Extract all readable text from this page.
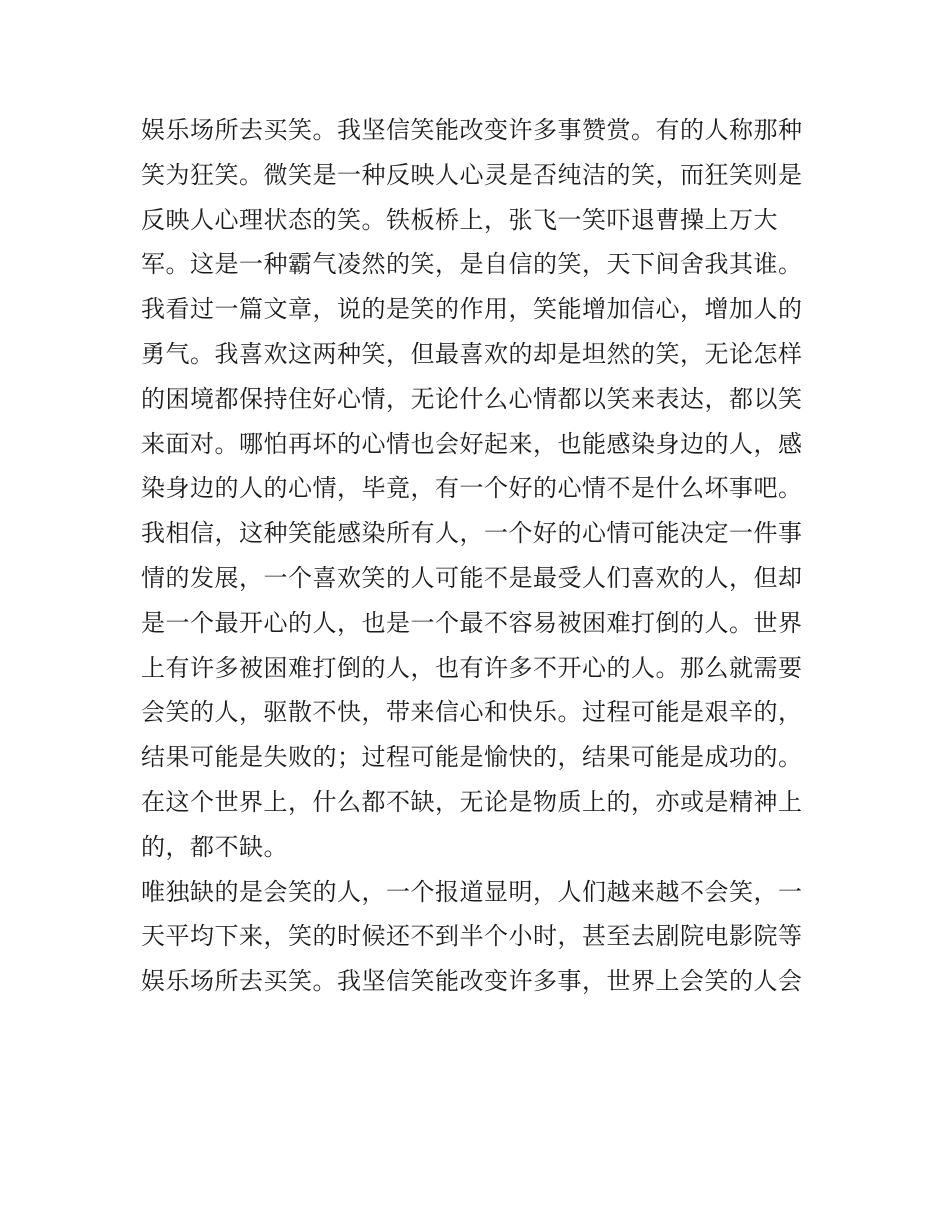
娱乐场所去买笑。我坚信笑能改变许多事赞赏。有的人称那种
笑为狂笑。微笑是一种反映人心灵是否纯洁的笑，而狂笑则是
反映人心理状态的笑。铁板桥上，张飞一笑吓退曹操上万大
军。这是一种霸气凌然的笑，是自信的笑，天下间舍我其谁。
我看过一篇文章，说的是笑的作用，笑能增加信心，增加人的
勇气。我喜欢这两种笑，但最喜欢的却是坦然的笑，无论怎样
的困境都保持住好心情，无论什么心情都以笑来表达，都以笑
来面对。哪怕再坏的心情也会好起来，也能感染身边的人，感
染身边的人的心情，毕竟，有一个好的心情不是什么坏事吧。
我相信，这种笑能感染所有人，一个好的心情可能决定一件事
情的发展，一个喜欢笑的人可能不是最受人们喜欢的人，但却
是一个最开心的人，也是一个最不容易被困难打倒的人。世界
上有许多被困难打倒的人，也有许多不开心的人。那么就需要
会笑的人，驱散不快，带来信心和快乐。过程可能是艰辛的，
结果可能是失败的；过程可能是愉快的，结果可能是成功的。
在这个世界上，什么都不缺，无论是物质上的，亦或是精神上
的，都不缺。
唯独缺的是会笑的人，一个报道显明，人们越来越不会笑，一
天平均下来，笑的时候还不到半个小时，甚至去剧院电影院等
娱乐场所去买笑。我坚信笑能改变许多事，世界上会笑的人会
